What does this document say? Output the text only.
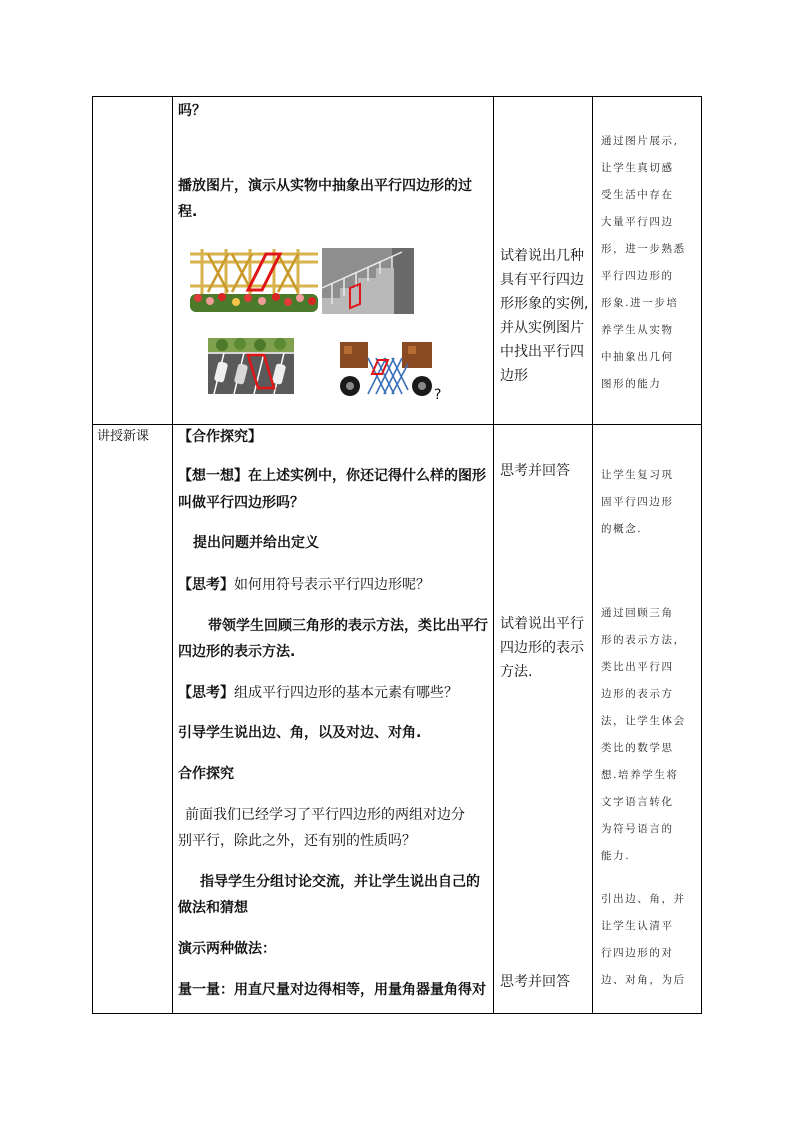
吗？
播放图片，演示从实物中抽象出平行四边形的过
程.
?
试着说出几种
具有平行四边
形形象的实例,
并从实例图片
中找出平行四
边形
通过图片展示,
让学生真切感
受生活中存在
大量平行四边
形，进一步熟悉
平行四边形的
形象.进一步培
养学生从实物
中抽象出几何
图形的能力
讲授新课 【合作探究】
【想一想】在上述实例中，你还记得什么样的图形
叫做平行四边形吗？
提出问题并给出定义
【思考】如何用符号表示平行四边形呢？
带领学生回顾三角形的表示方法，类比出平行
四边形的表示方法.
【思考】组成平行四边形的基本元素有哪些？
引导学生说出边、角，以及对边、对角.
合作探究
前面我们已经学习了平行四边形的两组对边分
别平行，除此之外，还有别的性质吗？
指导学生分组讨论交流，并让学生说出自己的
做法和猜想
演示两种做法：
量一量：用直尺量对边得相等，用量角器量角得对
思考并回答
试着说出平行
四边形的表示
方法.
思考并回答
让学生复习巩
固平行四边形
的概念.
通过回顾三角
形的表示方法，
类比出平行四
边形的表示方
法，让学生体会
类比的数学思
想.培养学生将
文字语言转化
为符号语言的
能力.
引出边、角，并
让学生认清平
行四边形的对
边、对角，为后
